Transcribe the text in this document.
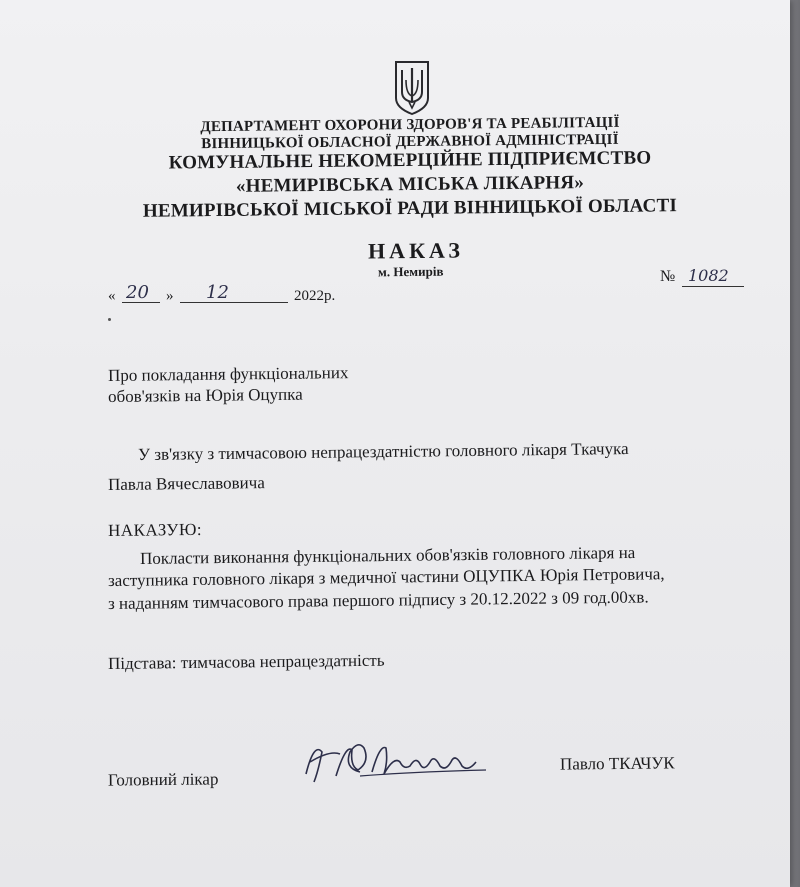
ДЕПАРТАМЕНТ ОХОРОНИ ЗДОРОВ'Я ТА РЕАБІЛІТАЦІЇ
ВІННИЦЬКОЇ ОБЛАСНОЇ ДЕРЖАВНОЇ АДМІНІСТРАЦІЇ
КОМУНАЛЬНЕ НЕКОМЕРЦІЙНЕ ПІДПРИЄМСТВО
«НЕМИРІВСЬКА МІСЬКА ЛІКАРНЯ»
НЕМИРІВСЬКОЇ МІСЬКОЇ РАДИ ВІННИЦЬКОЇ ОБЛАСТІ
НАКАЗ
м. Немирів	№ 1082
« 20 » 12	2022р.
Про покладання функціональних
обов'язків на Юрія Оцупка
У зв'язку з тимчасовою непрацездатністю головного лікаря Ткачука
Павла Вячеславовича
НАКАЗУЮ:
Покласти виконання функціональних обов'язків головного лікаря на
заступника головного лікаря з медичної частини ОЦУПКА Юрія Петровича,
з наданням тимчасового права першого підпису з 20.12.2022 з 09 год.00хв.
Підстава: тимчасова непрацездатність
Головний лікар
Павло ТКАЧУК
